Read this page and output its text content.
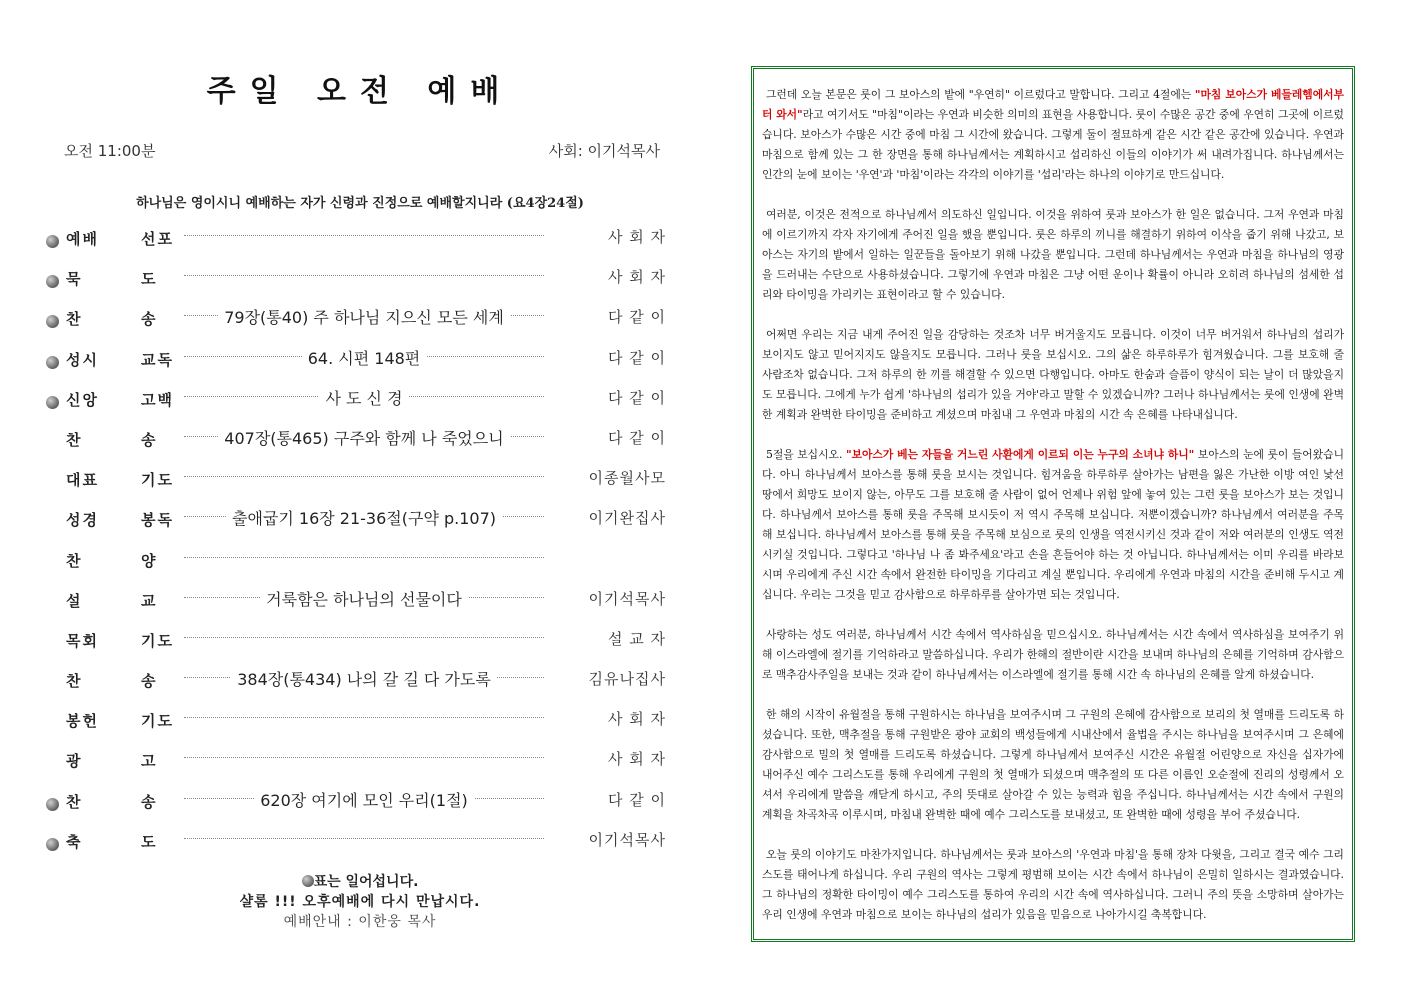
주일 오전 예배
오전 11:00분	사회: 이기석목사
하나님은 영이시니 예배하는 자가 신령과 진정으로 예배할지니라 (요4장24절)
예배	선포	사 회 자
묵	도	사 회 자
찬	송	79장(통40) 주 하나님 지으신 모든 세계	다 같 이
성시	교독	64. 시편 148편	다 같 이
신앙	고백	사 도 신 경	다 같 이
찬	송	407장(통465) 구주와 함께 나 죽었으니	다 같 이
대표	기도	이종월사모
성경	봉독	출애굽기 16장 21-36절(구약 p.107)	이기완집사
찬	양
설	교	거룩함은 하나님의 선물이다	이기석목사
목회	기도	설 교 자
찬	송	384장(통434) 나의 갈 길 다 가도록	김유나집사
봉헌	기도	사 회 자
광	고	사 회 자
찬	송	620장 여기에 모인 우리(1절)	다 같 이
축	도	이기석목사
표는 일어섭니다.
샬롬 !!! 오후예배에 다시 만납시다.
예배안내 : 이한웅 목사

그런데 오늘 본문은 룻이 그 보아스의 밭에 "우연히" 이르렀다고 말합니다. 그리고 4절에는 "마침 보아스가 베들레헴에서부터 와서"라고 여기서도 "마침"이라는 우연과 비슷한 의미의 표현을 사용합니다. 룻이 수많은 공간 중에 우연히 그곳에 이르렀습니다. 보아스가 수많은 시간 중에 마침 그 시간에 왔습니다. 그렇게 둘이 절묘하게 같은 시간 같은 공간에 있습니다. 우연과 마침으로 함께 있는 그 한 장면을 통해 하나님께서는 계획하시고 섭리하신 이들의 이야기가 써 내려가집니다. 하나님께서는 인간의 눈에 보이는 '우연'과 '마침'이라는 각각의 이야기를 '섭리'라는 하나의 이야기로 만드십니다.

여러분, 이것은 전적으로 하나님께서 의도하신 일입니다. 이것을 위하여 룻과 보아스가 한 일은 없습니다. 그저 우연과 마침에 이르기까지 각자 자기에게 주어진 일을 했을 뿐입니다. 룻은 하루의 끼니를 해결하기 위하여 이삭을 줍기 위해 나갔고, 보아스는 자기의 밭에서 일하는 일꾼들을 돌아보기 위해 나갔을 뿐입니다. 그런데 하나님께서는 우연과 마침을 하나님의 영광을 드러내는 수단으로 사용하셨습니다. 그렇기에 우연과 마침은 그냥 어떤 운이나 확률이 아니라 오히려 하나님의 섬세한 섭리와 타이밍을 가리키는 표현이라고 할 수 있습니다.

어쩌면 우리는 지금 내게 주어진 일을 감당하는 것조차 너무 버거울지도 모릅니다. 이것이 너무 버거워서 하나님의 섭리가 보이지도 않고 믿어지지도 않을지도 모릅니다. 그러나 룻을 보십시오. 그의 삶은 하루하루가 힘겨웠습니다. 그를 보호해 줄 사람조차 없습니다. 그저 하루의 한 끼를 해결할 수 있으면 다행입니다. 아마도 한숨과 슬픔이 양식이 되는 날이 더 많았을지도 모릅니다. 그에게 누가 쉽게 '하나님의 섭리가 있을 거야'라고 말할 수 있겠습니까? 그러나 하나님께서는 룻에 인생에 완벽한 계획과 완벽한 타이밍을 준비하고 계셨으며 마침내 그 우연과 마침의 시간 속 은혜를 나타내십니다.

5절을 보십시오. "보아스가 베는 자들을 거느린 사환에게 이르되 이는 누구의 소녀냐 하니" 보아스의 눈에 룻이 들어왔습니다. 아니 하나님께서 보아스를 통해 룻을 보시는 것입니다. 힘겨움을 하루하루 살아가는 남편을 잃은 가난한 이방 여인 낯선 땅에서 희망도 보이지 않는, 아무도 그를 보호해 줄 사람이 없어 언제나 위험 앞에 놓여 있는 그런 룻을 보아스가 보는 것입니다. 하나님께서 보아스를 통해 룻을 주목해 보시듯이 저 역시 주목해 보십니다. 저뿐이겠습니까? 하나님께서 여러분을 주목해 보십니다. 하나님께서 보아스를 통해 룻을 주목해 보심으로 룻의 인생을 역전시키신 것과 같이 저와 여러분의 인생도 역전시키실 것입니다. 그렇다고 '하나님 나 좀 봐주세요'라고 손을 흔들어야 하는 것 아닙니다. 하나님께서는 이미 우리를 바라보시며 우리에게 주신 시간 속에서 완전한 타이밍을 기다리고 계실 뿐입니다. 우리에게 우연과 마침의 시간을 준비해 두시고 계십니다. 우리는 그것을 믿고 감사함으로 하루하루를 살아가면 되는 것입니다.

사랑하는 성도 여러분, 하나님께서 시간 속에서 역사하심을 믿으십시오. 하나님께서는 시간 속에서 역사하심을 보여주기 위해 이스라엘에 절기를 기억하라고 말씀하십니다. 우리가 한해의 절반이란 시간을 보내며 하나님의 은혜를 기억하며 감사함으로 맥추감사주일을 보내는 것과 같이 하나님께서는 이스라엘에 절기를 통해 시간 속 하나님의 은혜를 알게 하셨습니다.

한 해의 시작이 유월절을 통해 구원하시는 하나님을 보여주시며 그 구원의 은혜에 감사함으로 보리의 첫 열매를 드리도록 하셨습니다. 또한, 맥추절을 통해 구원받은 광야 교회의 백성들에게 시내산에서 율법을 주시는 하나님을 보여주시며 그 은혜에 감사함으로 밀의 첫 열매를 드리도록 하셨습니다. 그렇게 하나님께서 보여주신 시간은 유월절 어린양으로 자신을 십자가에 내어주신 예수 그리스도를 통해 우리에게 구원의 첫 열매가 되셨으며 맥추절의 또 다른 이름인 오순절에 진리의 성령께서 오셔서 우리에게 말씀을 깨닫게 하시고, 주의 뜻대로 살아갈 수 있는 능력과 힘을 주십니다. 하나님께서는 시간 속에서 구원의 계획을 차곡차곡 이루시며, 마침내 완벽한 때에 예수 그리스도를 보내셨고, 또 완벽한 때에 성령을 부어 주셨습니다.

오늘 룻의 이야기도 마찬가지입니다. 하나님께서는 룻과 보아스의 '우연과 마침'을 통해 장차 다윗을, 그리고 결국 예수 그리스도를 태어나게 하십니다. 우리 구원의 역사는 그렇게 평범해 보이는 시간 속에서 하나님이 은밀히 일하시는 결과였습니다. 그 하나님의 정확한 타이밍이 예수 그리스도를 통하여 우리의 시간 속에 역사하십니다. 그러니 주의 뜻을 소망하며 살아가는 우리 인생에 우연과 마침으로 보이는 하나님의 섭리가 있음을 믿음으로 나아가시길 축복합니다.
